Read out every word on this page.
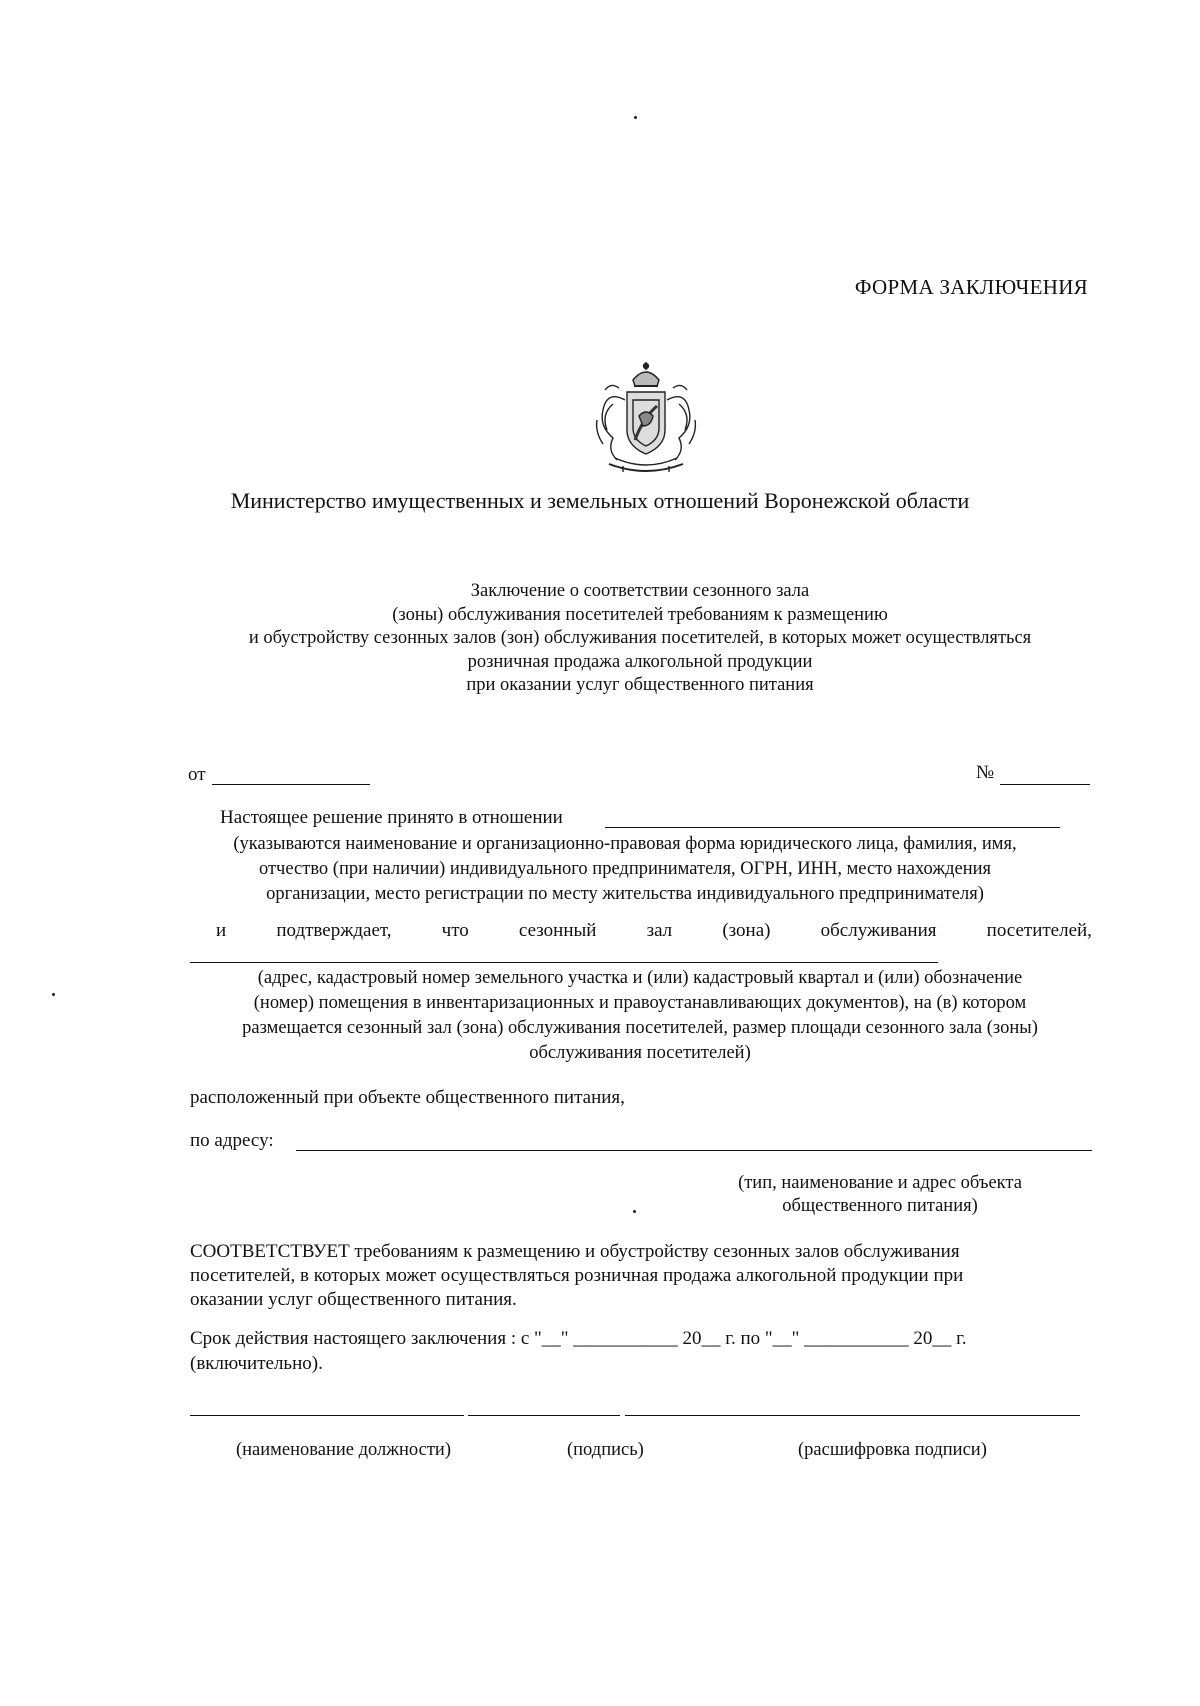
ФОРМА ЗАКЛЮЧЕНИЯ
Министерство имущественных и земельных отношений Воронежской области
Заключение о соответствии сезонного зала
(зоны) обслуживания посетителей требованиям к размещению
и обустройству сезонных залов (зон) обслуживания посетителей, в которых может осуществляться
розничная продажа алкогольной продукции
при оказании услуг общественного питания
от	№
Настоящее решение принято в отношении
(указываются наименование и организационно-правовая форма юридического лица, фамилия, имя,
отчество (при наличии) индивидуального предпринимателя, ОГРН, ИНН, место нахождения
организации, место регистрации по месту жительства индивидуального предпринимателя)
и	подтверждает,	что	сезонный	зал	(зона)	обслуживания	посетителей,
(адрес, кадастровый номер земельного участка и (или) кадастровый квартал и (или) обозначение
(номер) помещения в инвентаризационных и правоустанавливающих документов), на (в) котором
размещается сезонный зал (зона) обслуживания посетителей, размер площади сезонного зала (зоны)
обслуживания посетителей)
расположенный при объекте общественного питания,
по адресу:
(тип, наименование и адрес объекта
общественного питания)
СООТВЕТСТВУЕТ требованиям к размещению и обустройству сезонных залов обслуживания
посетителей, в которых может осуществляться розничная продажа алкогольной продукции при
оказании услуг общественного питания.
Срок действия настоящего заключения : с "__" ___________ 20__ г. по "__" ___________ 20__ г.
(включительно).
(наименование должности)	(подпись)	(расшифровка подписи)
